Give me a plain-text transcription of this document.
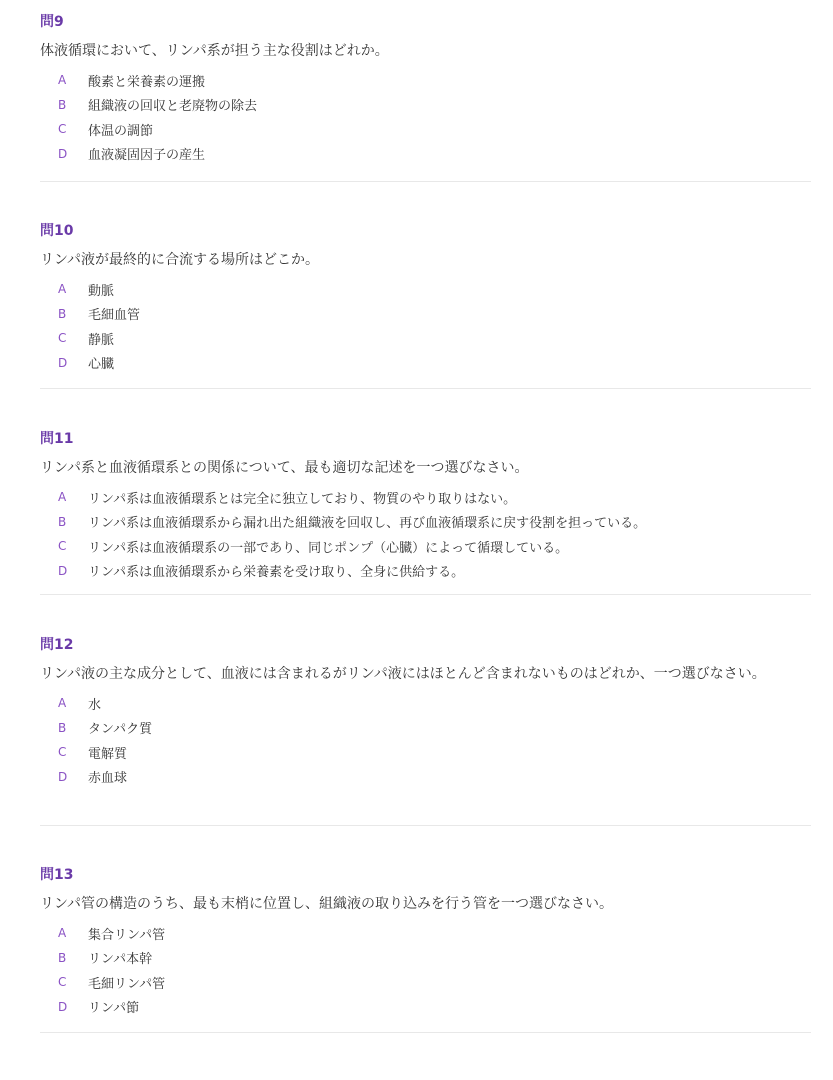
問9
体液循環において、リンパ系が担う主な役割はどれか。
A	酸素と栄養素の運搬
B	組織液の回収と老廃物の除去
C	体温の調節
D	血液凝固因子の産生
問10
リンパ液が最終的に合流する場所はどこか。
A	動脈
B	毛細血管
C	静脈
D	心臓
問11
リンパ系と血液循環系との関係について、最も適切な記述を一つ選びなさい。
A	リンパ系は血液循環系とは完全に独立しており、物質のやり取りはない。
B	リンパ系は血液循環系から漏れ出た組織液を回収し、再び血液循環系に戻す役割を担っている。
C	リンパ系は血液循環系の一部であり、同じポンプ（心臓）によって循環している。
D	リンパ系は血液循環系から栄養素を受け取り、全身に供給する。
問12
リンパ液の主な成分として、血液には含まれるがリンパ液にはほとんど含まれないものはどれか、一つ選びなさい。
A	水
B	タンパク質
C	電解質
D	赤血球
問13
リンパ管の構造のうち、最も末梢に位置し、組織液の取り込みを行う管を一つ選びなさい。
A	集合リンパ管
B	リンパ本幹
C	毛細リンパ管
D	リンパ節
